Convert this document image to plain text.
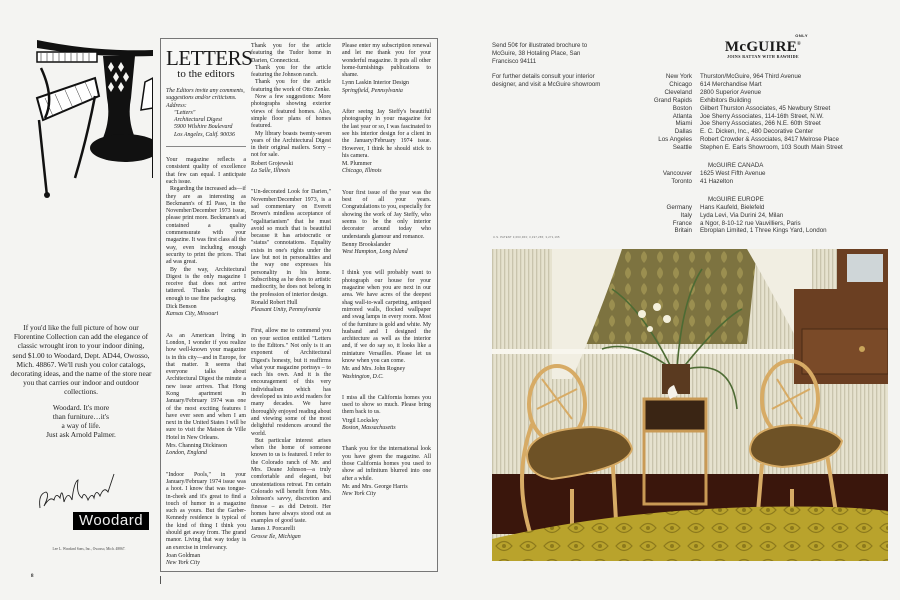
If you'd like the full picture of how our Florentine Collection can add the elegance of classic wrought iron to your indoor dining, send $1.00 to Woodard, Dept. AD44, Owosso, Mich. 48867. We'll rush you color catalogs, decorating ideas, and the name of the store near you that carries our indoor and outdoor collections.

Woodard. It's more
than furniture…it's
a way of life.
Just ask Arnold Palmer.
Woodard
Lee L. Woodard Sons, Inc., Owosso, Mich. 48867.
8
LETTERS
to the editors
The Editors invite any comments, suggestions and/or criticisms. Address:
"Letters"
Architectural Digest
5900 Wilshire Boulevard
Los Angeles, Calif. 90036

Your magazine reflects a consistent quality of excellence that few can equal. I anticipate each issue.

Regarding the increased ads—if they are as interesting as Beckmann's of El Paso, in the November/December 1973 issue, please print more. Beckmann's ad contained a quality commensurate with your magazine. It was first class all the way, even including enough security to print the prices. That ad was great.

By the way, Architectural Digest is the only magazine I receive that does not arrive tattered. Thanks for caring enough to use fine packaging.

Dick Benson
Kansas City, Missouri

As an American living in London, I wonder if you realize how well-known your magazine is in this city—and in Europe, for that matter. It seems that everyone talks about Architectural Digest the minute a new issue arrives. That Hong Kong apartment in January/February 1974 was one of the most exciting features I have ever seen and when I am next in the United States I will be sure to visit the Maison de Ville Hotel in New Orleans.

Mrs. Channing Dickinson
London, England

"Indoor Pools," in your January/February 1974 issue was a hoot. I know that was tongue-in-cheek and it's great to find a touch of humor in a magazine such as yours. But the Garber-Kennedy residence is typical of the kind of thing I think you should get away from. The grand manor. Living that way today is an exercise in irrelevancy.

Joan Goldman
New York City

Thank you for the article featuring the Tudor home in Darien, Connecticut.

Thank you for the article featuring the Johnson ranch.

Thank you for the article featuring the work of Otto Zenke.

Now a few suggestions: More photographs showing exterior views of featured homes. Also, simple floor plans of homes featured.

My library boasts twenty-seven years of the Architectural Digest in their original mailers. Sorry – not for sale.

Robert Grojewski
La Salle, Illinois

"Un-decorated Look for Darien," November/December 1973, is a sad commentary on Everett Brown's mindless acceptance of "egalitarianism" that he must avoid so much that is beautiful because it has aristocratic or "status" connotations. Equality exists in one's rights under the law but not in personalities and the way one expresses his personality in his home. Subscribing as he does to artistic mediocrity, he does not belong in the profession of interior design.

Ronald Robert Hull
Pleasant Unity, Pennsylvania

First, allow me to commend you on your section entitled "Letters to the Editors." Not only is it an exponent of Architectural Digest's honesty, but it reaffirms what your magazine portrays – to each his own. And it is the encouragement of this very individualism which has developed us into avid readers for many decades. We have thoroughly enjoyed reading about and viewing some of the most delightful residences around the world.

But particular interest arises when the home of someone known to us is featured. I refer to the Colorado ranch of Mr. and Mrs. Deane Johnson—a truly comfortable and elegant, but unostentatious retreat. I'm certain Colorado will benefit from Mrs. Johnson's savvy, discretion and finesse – as did Detroit. Her homes have always stood out as examples of good taste.

James J. Porcarelli
Grosse Ile, Michigan

Please enter my subscription renewal and let me thank you for your wonderful magazine. It puts all other home-furnishings publications to shame.

Lynn Laskin Interior Design
Springfield, Pennsylvania

After seeing Jay Steffy's beautiful photography in your magazine for the last year or so, I was fascinated to see his interior design for a client in the January/February 1974 issue. However, I think he should stick to his camera.

M. Plummer
Chicago, Illinois

Your first issue of the year was the best of all your years. Congratulations to you, especially for showing the work of Jay Steffy, who seems to be the only interior decorator around today who understands glamour and romance.

Benny Brookslander
West Hampton, Long Island

I think you will probably want to photograph our house for your magazine when you are next in our area. We have acres of the deepest shag wall-to-wall carpeting, antiqued mirrored walls, flocked wallpaper and swag lamps in every room. Most of the furniture is gold and white. My husband and I designed the architecture as well as the interior and, if we do say so, it looks like a miniature Versailles. Please let us know when you can come.

Mr. and Mrs. John Rogney
Washington, D.C.

I miss all the California homes you used to show so much. Please bring them back to us.

Virgil Locksley
Boston, Massachusetts

Thank you for the international look you have given the magazine. All those California homes you used to show ad infinitum blurred into one after a while.

Mr. and Mrs. George Harris
New York City

Send 50¢ for illustrated brochure to McGuire, 38 Hotaling Place, San Francisco 94111

For further details consult your interior designer, and visit a McGuire showroom

ONLY
McGUIRE®
JOINS RATTAN WITH RAWHIDE
New York	Thurston/McGuire, 964 Third Avenue
Chicago	614 Merchandise Mart
Cleveland	2800 Superior Avenue
Grand Rapids	Exhibitors Building
Boston	Gilbert Thurston Associates, 45 Newbury Street
Atlanta	Joe Sherry Associates, 114-16th Street, N.W.
Miami	Joe Sherry Associates, 266 N.E. 60th Street
Dallas	E. C. Dicken, Inc., 480 Decorative Center
Los Angeles	Robert Crowder & Associates, 8417 Melrose Place
Seattle	Stephen E. Earls Showroom, 103 South Main Street
McGUIRE CANADA
Vancouver	1625 West Fifth Avenue
Toronto	41 Hazelton
McGUIRE EUROPE
Germany	Hans Kaufeld, Bielefeld
Italy	Lyda Levi, Via Durini 24, Milan
France	a Ngor, 8-10-12 rue Vauvilliers, Paris
Britain	Ebroplan Limited, 1 Three Kings Yard, London
U.S. PATENT 3,063,063; 3,197,265; 3,271,165
